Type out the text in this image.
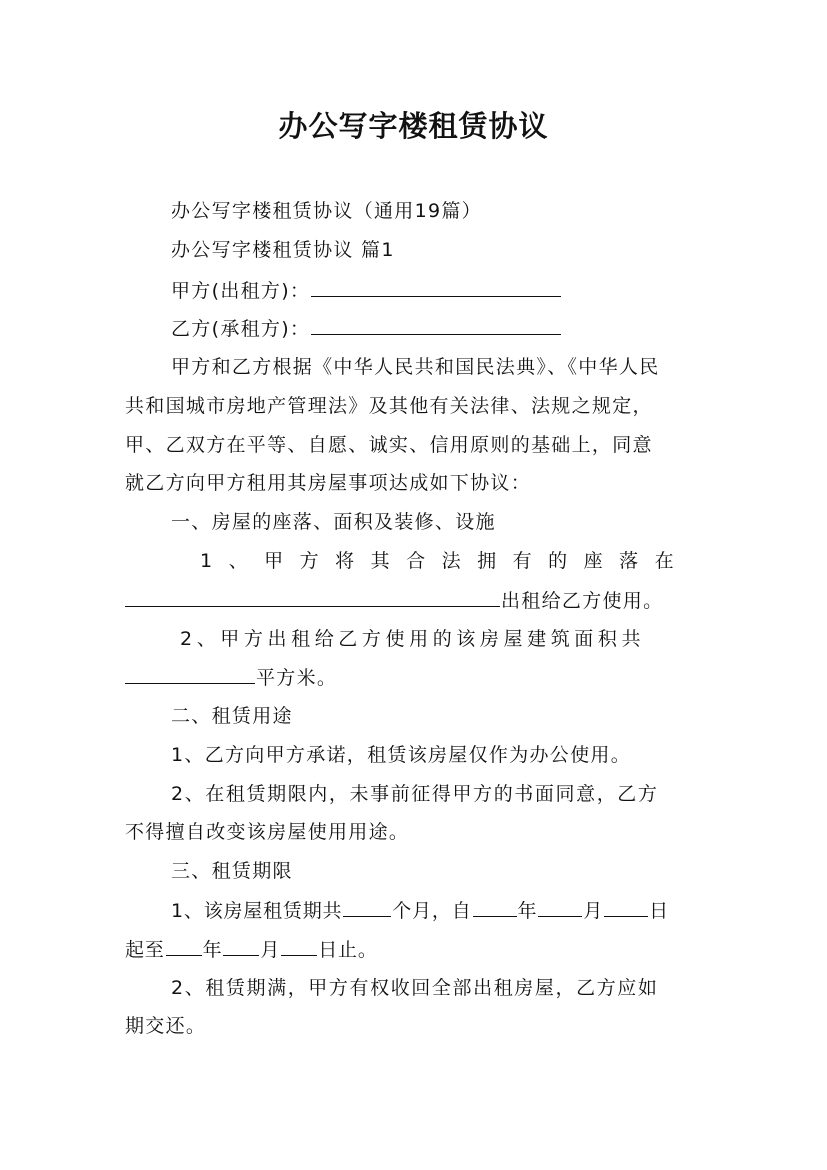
办公写字楼租赁协议
办公写字楼租赁协议（通用19篇）
办公写字楼租赁协议 篇1
甲方(出租方)：
乙方(承租方)：
甲方和乙方根据《中华人民共和国民法典》、《中华人民
共和国城市房地产管理法》及其他有关法律、法规之规定，
甲、乙双方在平等、自愿、诚实、信用原则的基础上，同意
就乙方向甲方租用其房屋事项达成如下协议：
一、房屋的座落、面积及装修、设施
1、甲方将其合法拥有的座落在
出租给乙方使用。
2、甲方出租给乙方使用的该房屋建筑面积共
平方米。
二、租赁用途
1、乙方向甲方承诺，租赁该房屋仅作为办公使用。
2、在租赁期限内，未事前征得甲方的书面同意，乙方
不得擅自改变该房屋使用用途。
三、租赁期限
1、该房屋租赁期共	个月，自 年 月 日
起至 年 月 日止。
2、租赁期满，甲方有权收回全部出租房屋，乙方应如
期交还。
